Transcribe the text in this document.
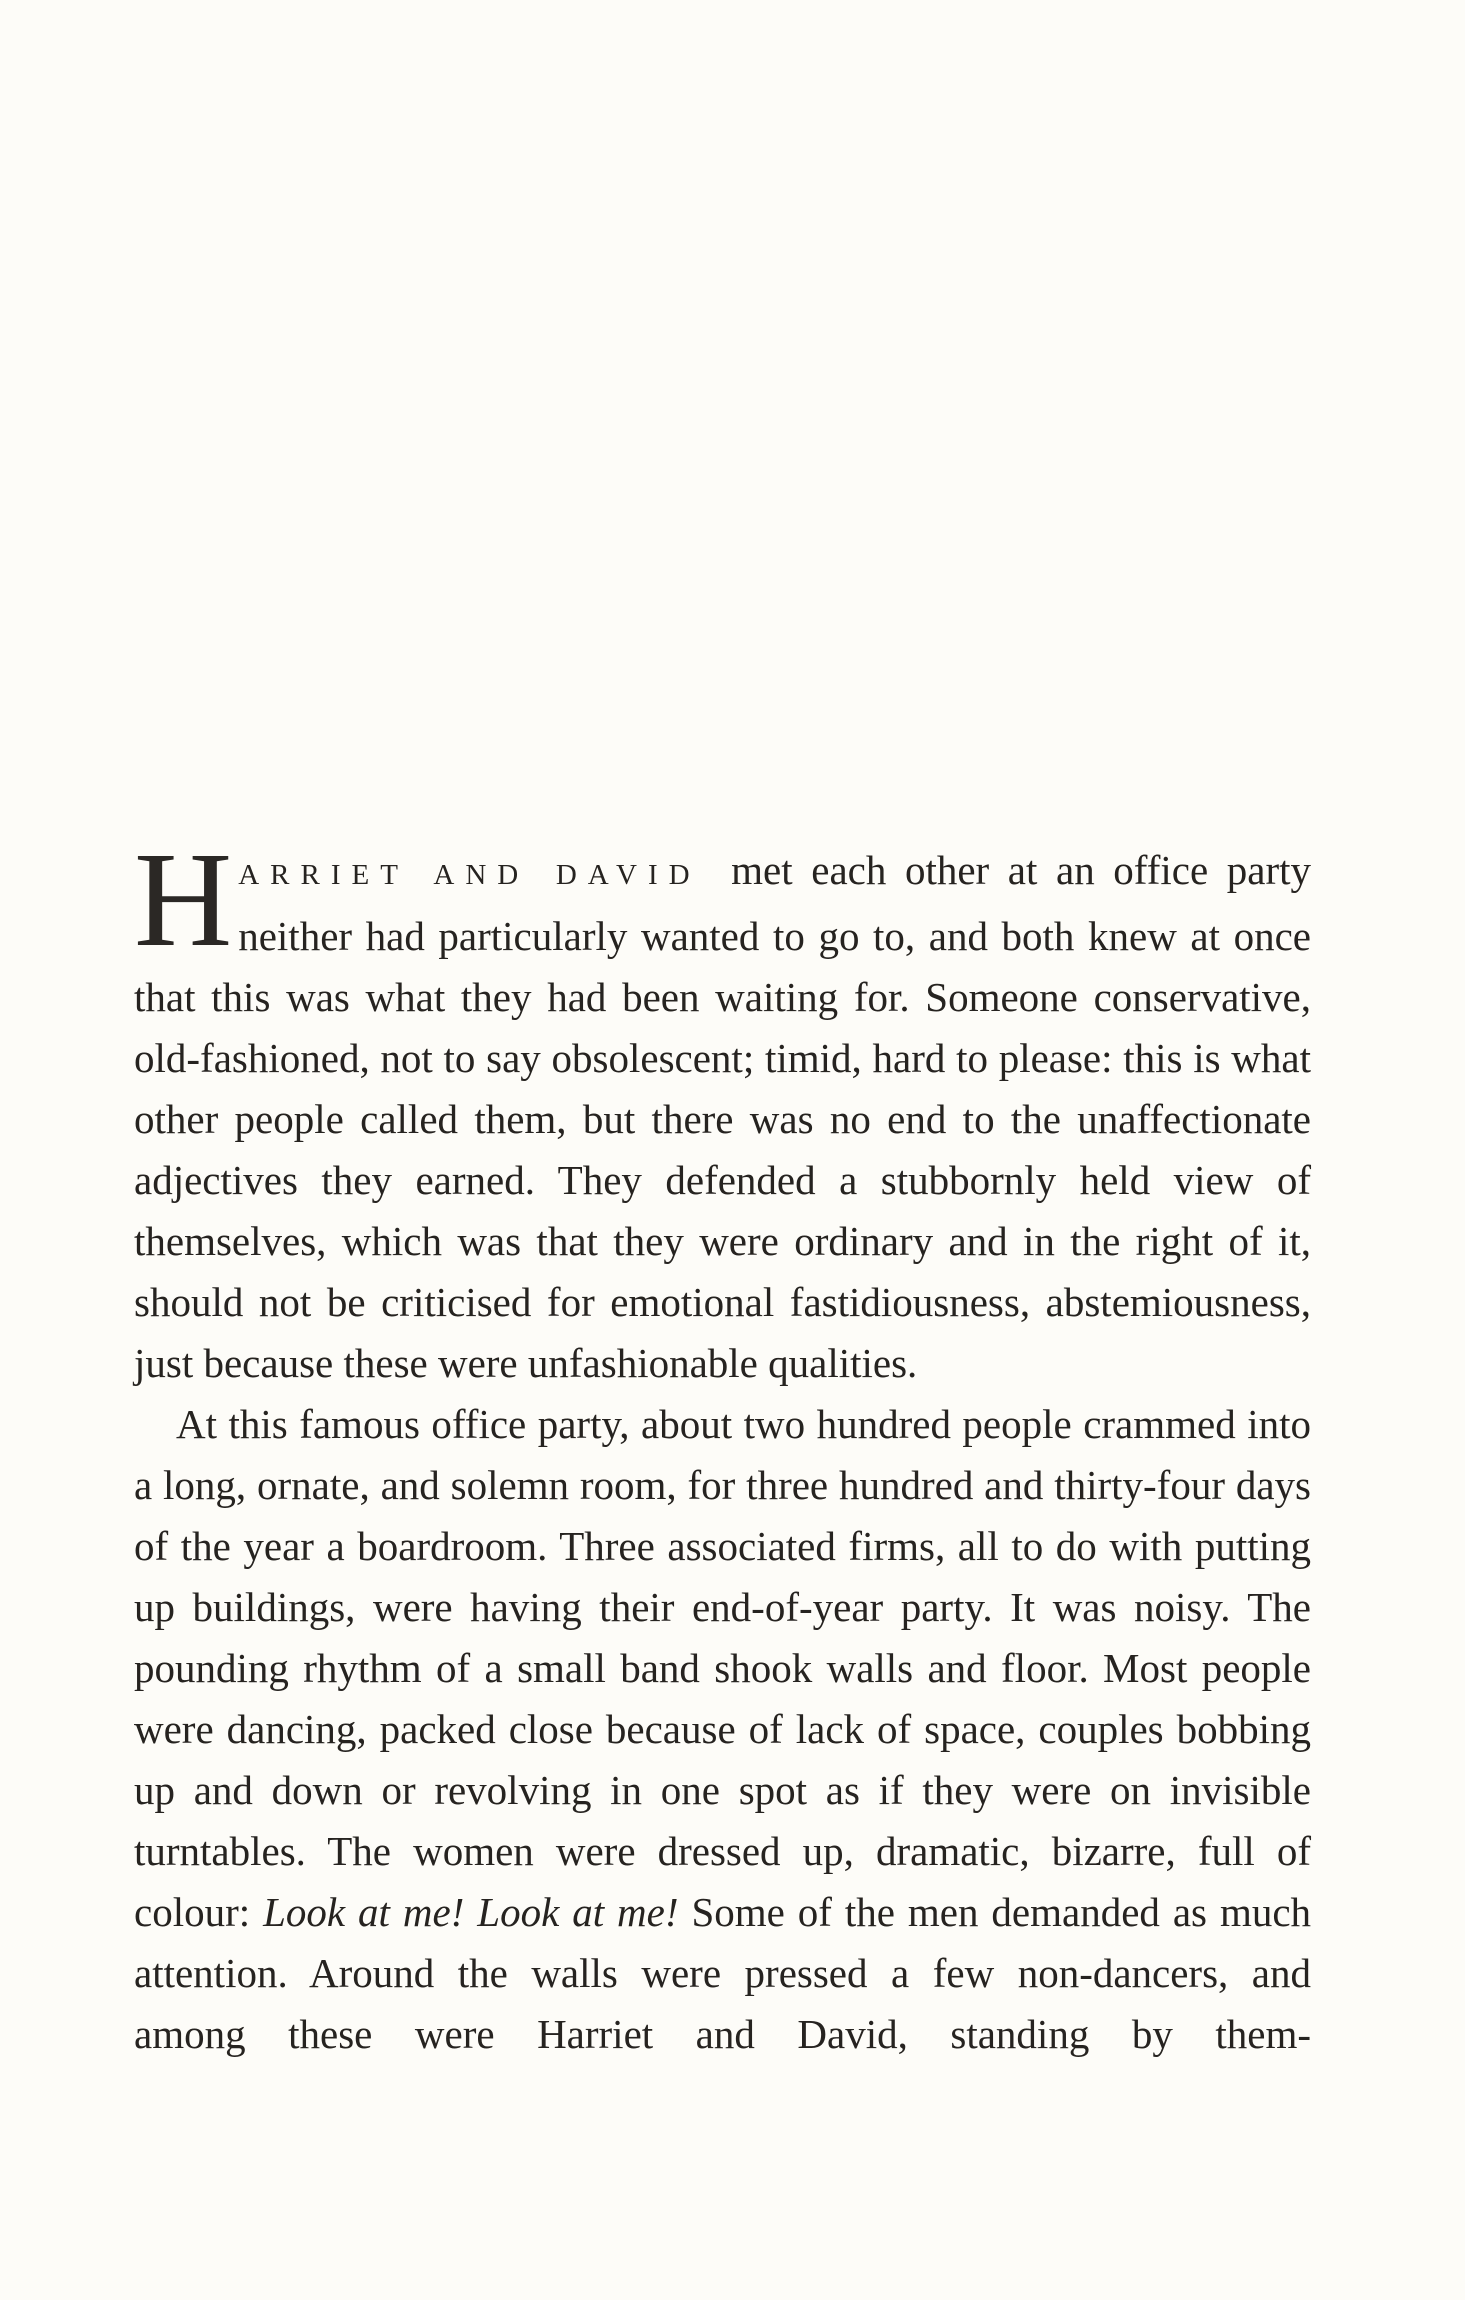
HARRIET AND DAVID met each other at an office party neither had particularly wanted to go to, and both knew at once that this was what they had been waiting for. Someone conservative, old-fashioned, not to say obsolescent; timid, hard to please: this is what other people called them, but there was no end to the unaffectionate adjectives they earned. They defended a stubbornly held view of themselves, which was that they were ordinary and in the right of it, should not be criticised for emotional fastidiousness, abstemiousness, just because these were unfashionable qualities.

At this famous office party, about two hundred people crammed into a long, ornate, and solemn room, for three hundred and thirty-four days of the year a boardroom. Three associated firms, all to do with putting up buildings, were having their end-of-year party. It was noisy. The pounding rhythm of a small band shook walls and floor. Most people were dancing, packed close because of lack of space, couples bobbing up and down or revolving in one spot as if they were on invisible turntables. The women were dressed up, dramatic, bizarre, full of colour: Look at me! Look at me! Some of the men demanded as much attention. Around the walls were pressed a few non-dancers, and among these were Harriet and David, standing by them-
